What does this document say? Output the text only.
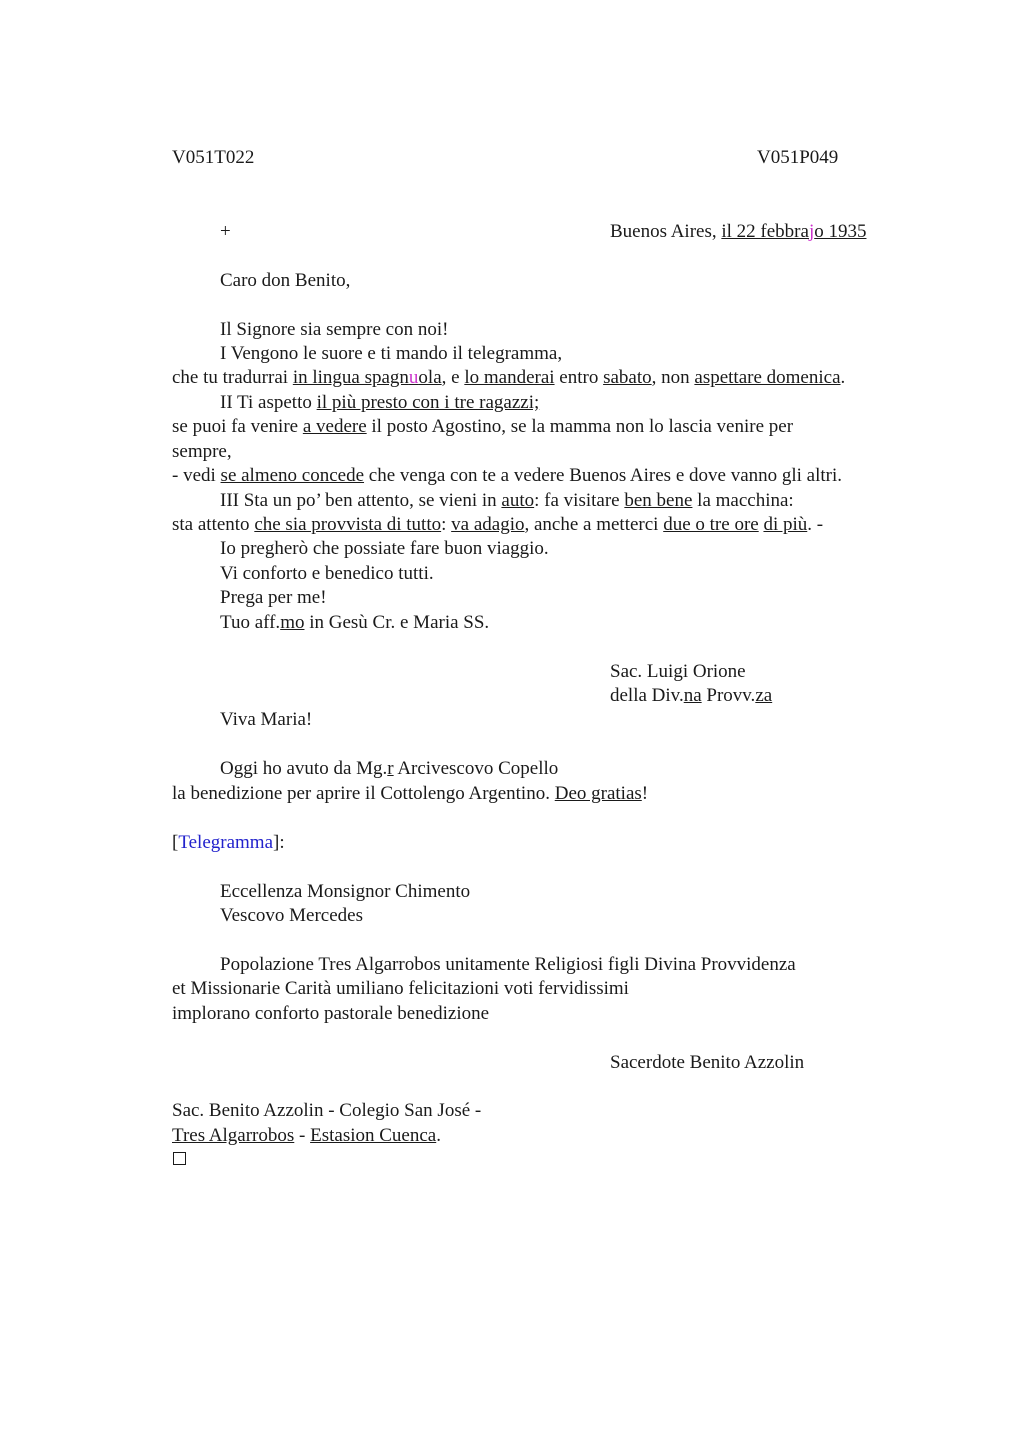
V051T022	V051P049
+	Buenos Aires, il 22 febbrajo 1935
Caro don Benito,
Il Signore sia sempre con noi!
I Vengono le suore e ti mando il telegramma,
che tu tradurrai in lingua spagnuola, e lo manderai entro sabato, non aspettare domenica.
II Ti aspetto il più presto con i tre ragazzi;
se puoi fa venire a vedere il posto Agostino, se la mamma non lo lascia venire per
sempre,
- vedi se almeno concede che venga con te a vedere Buenos Aires e dove vanno gli altri.
III Sta un po’ ben attento, se vieni in auto: fa visitare ben bene la macchina:
sta attento che sia provvista di tutto: va adagio, anche a metterci due o tre ore di più. -
Io pregherò che possiate fare buon viaggio.
Vi conforto e benedico tutti.
Prega per me!
Tuo aff.mo in Gesù Cr. e Maria SS.
Sac. Luigi Orione
della Div.na Provv.za
Viva Maria!
Oggi ho avuto da Mg.r Arcivescovo Copello
la benedizione per aprire il Cottolengo Argentino. Deo gratias!
[Telegramma]:
Eccellenza Monsignor Chimento
Vescovo Mercedes
Popolazione Tres Algarrobos unitamente Religiosi figli Divina Provvidenza
et Missionarie Carità umiliano felicitazioni voti fervidissimi
implorano conforto pastorale benedizione
Sacerdote Benito Azzolin
Sac. Benito Azzolin - Colegio San José -
Tres Algarrobos - Estasion Cuenca.
